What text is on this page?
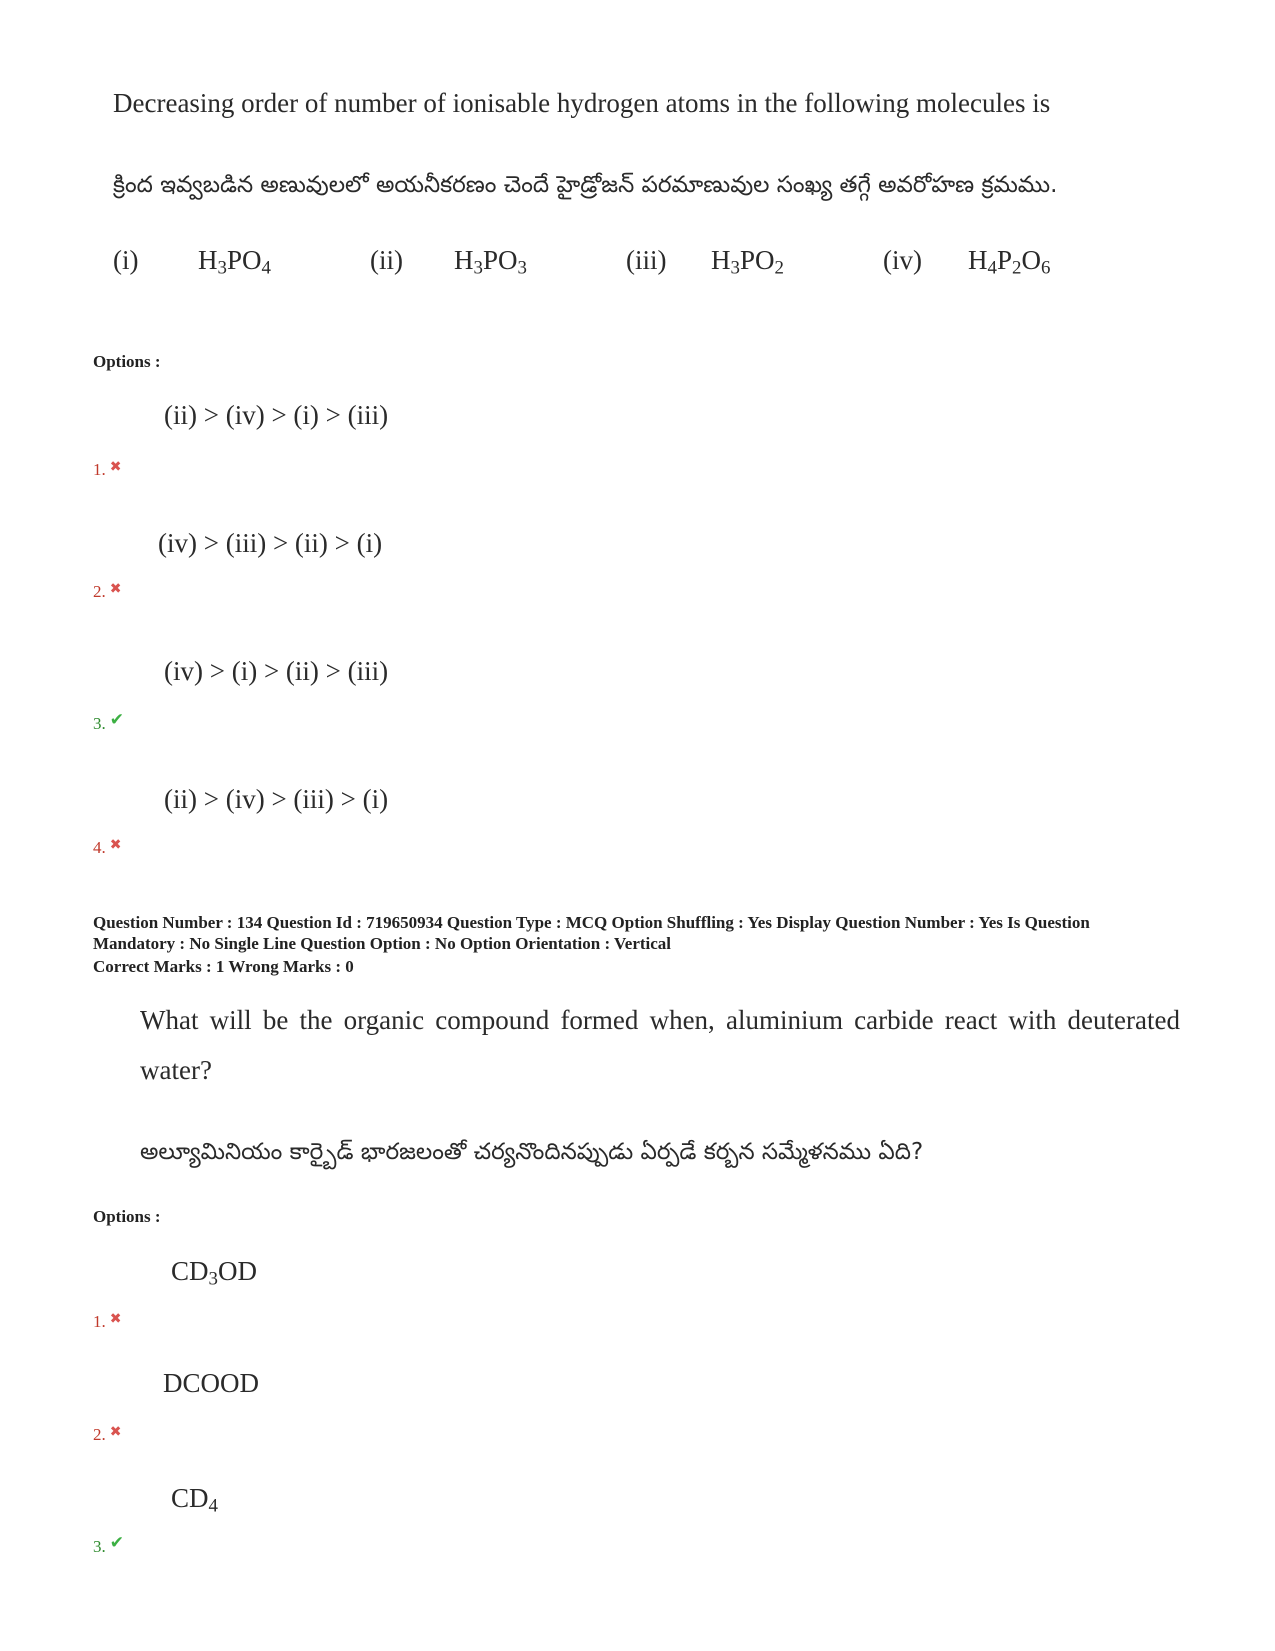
Decreasing order of number of ionisable hydrogen atoms in the following molecules is
క్రింద ఇవ్వబడిన అణువులలో అయనీకరణం చెందే హైడ్రోజన్ పరమాణువుల సంఖ్య తగ్గే అవరోహణ క్రమము.
(i) $H_3PO_4$	(ii) $H_3PO_3$	(iii) $H_3PO_2$	(iv) $H_4P_2O_6$
Options :
(ii) > (iv) > (i) > (iii)
1. ✖
(iv) > (iii) > (ii) > (i)
2. ✖
(iv) > (i) > (ii) > (iii)
3. ✔
(ii) > (iv) > (iii) > (i)
4. ✖
Question Number : 134 Question Id : 719650934 Question Type : MCQ Option Shuffling : Yes Display Question Number : Yes Is Question
Mandatory : No Single Line Question Option : No Option Orientation : Vertical
Correct Marks : 1 Wrong Marks : 0
What will be the organic compound formed when, aluminium carbide react with deuterated water?
అల్యూమినియం కార్బైడ్ భారజలంతో చర్యనొందినప్పుడు ఏర్పడే కర్బన సమ్మేళనము ఏది?
Options :
$CD_3OD$
1. ✖
DCOOD
2. ✖
$CD_4$
3. ✔
